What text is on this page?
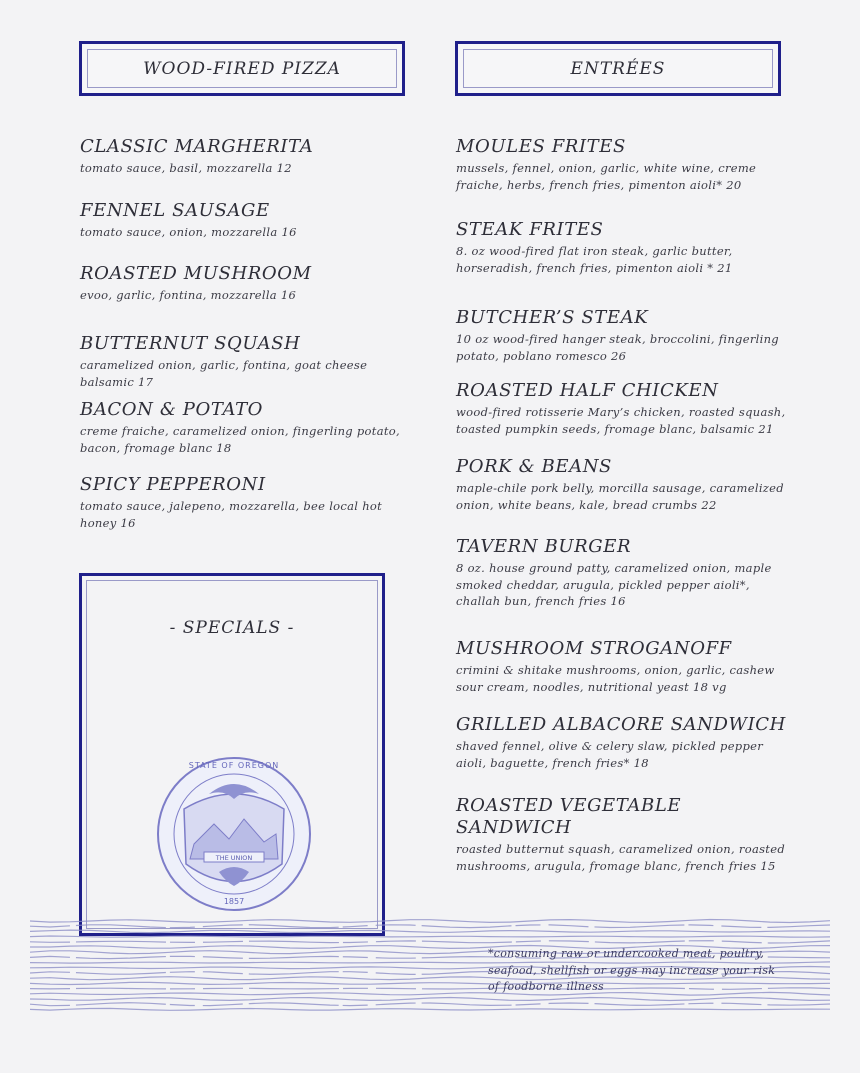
WOOD-FIRED PIZZA	ENTRÉES
CLASSIC MARGHERITA

tomato sauce, basil, mozzarella 12

FENNEL SAUSAGE

tomato sauce, onion, mozzarella 16

ROASTED MUSHROOM

evoo, garlic, fontina, mozzarella 16

BUTTERNUT SQUASH

caramelized onion, garlic, fontina, goat cheese balsamic 17

BACON & POTATO

creme fraiche, caramelized onion, fingerling potato, bacon, fromage blanc 18

SPICY PEPPERONI

tomato sauce, jalepeno, mozzarella, bee local hot honey 16

MOULES FRITES

mussels, fennel, onion, garlic, white wine, creme fraiche, herbs, french fries, pimenton aioli* 20

STEAK FRITES

8. oz wood-fired flat iron steak, garlic butter, horseradish, french fries, pimenton aioli * 21

BUTCHER’S STEAK

10 oz wood-fired hanger steak, broccolini, fingerling potato, poblano romesco 26

ROASTED HALF CHICKEN

wood-fired rotisserie Mary’s chicken, roasted squash, toasted pumpkin seeds, fromage blanc, balsamic 21

PORK & BEANS

maple-chile pork belly, morcilla sausage, caramelized onion, white beans, kale, bread crumbs 22

TAVERN BURGER

8 oz. house ground patty, caramelized onion, maple smoked cheddar, arugula, pickled pepper aioli*, challah bun, french fries 16

MUSHROOM STROGANOFF

crimini & shitake mushrooms, onion, garlic, cashew sour cream, noodles, nutritional yeast 18 vg

GRILLED ALBACORE SANDWICH

shaved fennel, olive & celery slaw, pickled pepper aioli, baguette, french fries* 18

ROASTED VEGETABLE SANDWICH

roasted butternut squash, caramelized onion, roasted mushrooms, arugula, fromage blanc, french fries 15

- SPECIALS -
THE UNION
STATE OF OREGON
1857
*consuming raw or undercooked meat, poultry, seafood, shellfish or eggs may increase your risk of foodborne illness
